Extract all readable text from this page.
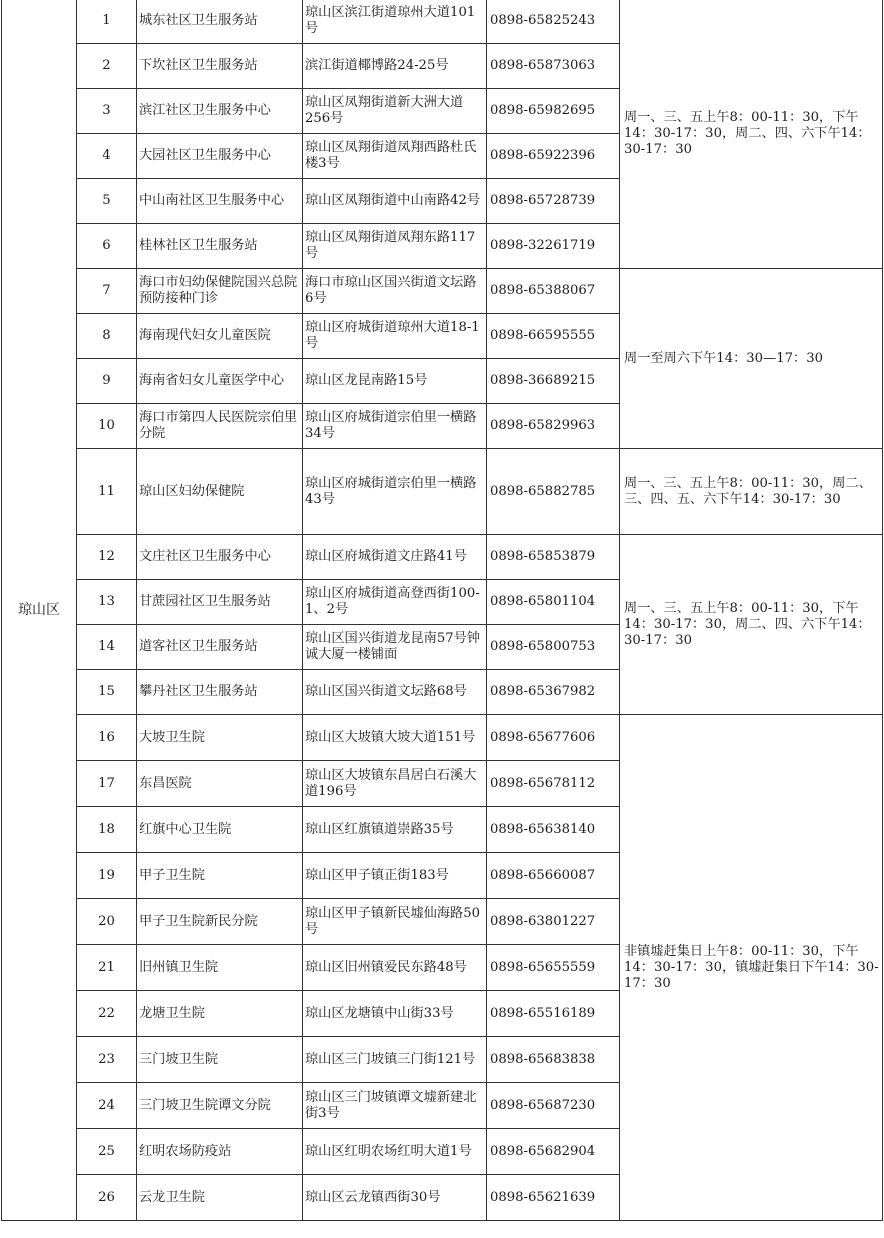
琼山区	1	城东社区卫生服务站	琼山区滨江街道琼州大道101号	0898-65825243	周一、三、五上午8：00-11：30，下午14：30-17：30，周二、四、六下午14：30-17：30
	2	下坎社区卫生服务站	滨江街道椰博路24-25号	0898-65873063	
	3	滨江社区卫生服务中心	琼山区凤翔街道新大洲大道256号	0898-65982695	
	4	大园社区卫生服务中心	琼山区凤翔街道凤翔西路杜氏楼3号	0898-65922396	
	5	中山南社区卫生服务中心	琼山区凤翔街道中山南路42号	0898-65728739	
	6	桂林社区卫生服务站	琼山区凤翔街道凤翔东路117号	0898-32261719	
	7	海口市妇幼保健院国兴总院预防接种门诊	海口市琼山区国兴街道文坛路6号	0898-65388067	周一至周六下午14：30—17：30
	8	海南现代妇女儿童医院	琼山区府城街道琼州大道18-1号	0898-66595555	
	9	海南省妇女儿童医学中心	琼山区龙昆南路15号	0898-36689215	
	10	海口市第四人民医院宗伯里分院	琼山区府城街道宗伯里一横路34号	0898-65829963	
	11	琼山区妇幼保健院	琼山区府城街道宗伯里一横路43号	0898-65882785	周一、三、五上午8：00-11：30，周二、三、四、五、六下午14：30-17：30
	12	文庄社区卫生服务中心	琼山区府城街道文庄路41号	0898-65853879	周一、三、五上午8：00-11：30，下午14：30-17：30，周二、四、六下午14：30-17：30
	13	甘蔗园社区卫生服务站	琼山区府城街道高登西街100-1、2号	0898-65801104	
	14	道客社区卫生服务站	琼山区国兴街道龙昆南57号钟诚大厦一楼铺面	0898-65800753	
	15	攀丹社区卫生服务站	琼山区国兴街道文坛路68号	0898-65367982	
	16	大坡卫生院	琼山区大坡镇大坡大道151号	0898-65677606	非镇墟赶集日上午8：00-11：30，下午14：30-17：30，镇墟赶集日下午14：30-17：30
	17	东昌医院	琼山区大坡镇东昌居白石溪大道196号	0898-65678112	
	18	红旗中心卫生院	琼山区红旗镇道崇路35号	0898-65638140	
	19	甲子卫生院	琼山区甲子镇正街183号	0898-65660087	
	20	甲子卫生院新民分院	琼山区甲子镇新民墟仙海路50号	0898-63801227	
	21	旧州镇卫生院	琼山区旧州镇爱民东路48号	0898-65655559	
	22	龙塘卫生院	琼山区龙塘镇中山街33号	0898-65516189	
	23	三门坡卫生院	琼山区三门坡镇三门街121号	0898-65683838	
	24	三门坡卫生院谭文分院	琼山区三门坡镇谭文墟新建北街3号	0898-65687230	
	25	红明农场防疫站	琼山区红明农场红明大道1号	0898-65682904	
	26	云龙卫生院	琼山区云龙镇西街30号	0898-65621639	
